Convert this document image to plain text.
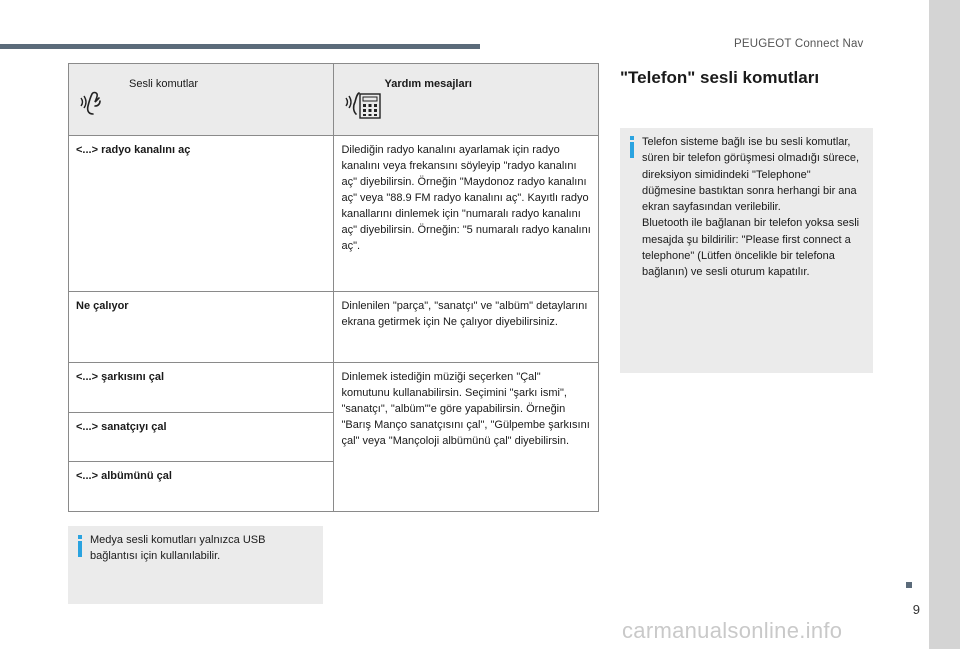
PEUGEOT Connect Nav
9
Sesli komutlar	Yardım mesajları

<...> radyo kanalını aç	Dilediğin radyo kanalını ayarlamak için radyo kanalını veya frekansını söyleyip "radyo kanalını aç" diyebilirsin. Örneğin "Maydonoz radyo kanalını aç" veya "88.9 FM radyo kanalını aç". Kayıtlı radyo kanallarını dinlemek için "numaralı radyo kanalını aç" diyebilirsin. Örneğin: "5 numaralı radyo kanalını aç".
Ne çalıyor	Dinlenilen "parça", "sanatçı" ve "albüm" detaylarını ekrana getirmek için Ne çalıyor diyebilirsiniz.
<...> şarkısını çal	Dinlemek istediğin müziği seçerken "Çal" komutunu kullanabilirsin. Seçimini "şarkı ismi", "sanatçı", "albüm"'e göre yapabilirsin. Örneğin "Barış Manço sanatçısını çal", "Gülpembe şarkısını çal" veya "Mançoloji albümünü çal" diyebilirsin.
<...> sanatçıyı çal	
<...> albümünü çal	
Medya sesli komutları yalnızca USB bağlantısı için kullanılabilir.
"Telefon" sesli komutları
Telefon sisteme bağlı ise bu sesli komutlar, süren bir telefon görüşmesi olmadığı sürece, direksiyon simidindeki "Telephone" düğmesine bastıktan sonra herhangi bir ana ekran sayfasından verilebilir.
Bluetooth ile bağlanan bir telefon yoksa sesli mesajda şu bildirilir: "Please first connect a telephone" (Lütfen öncelikle bir telefona bağlanın) ve sesli oturum kapatılır.
carmanualsonline.info
